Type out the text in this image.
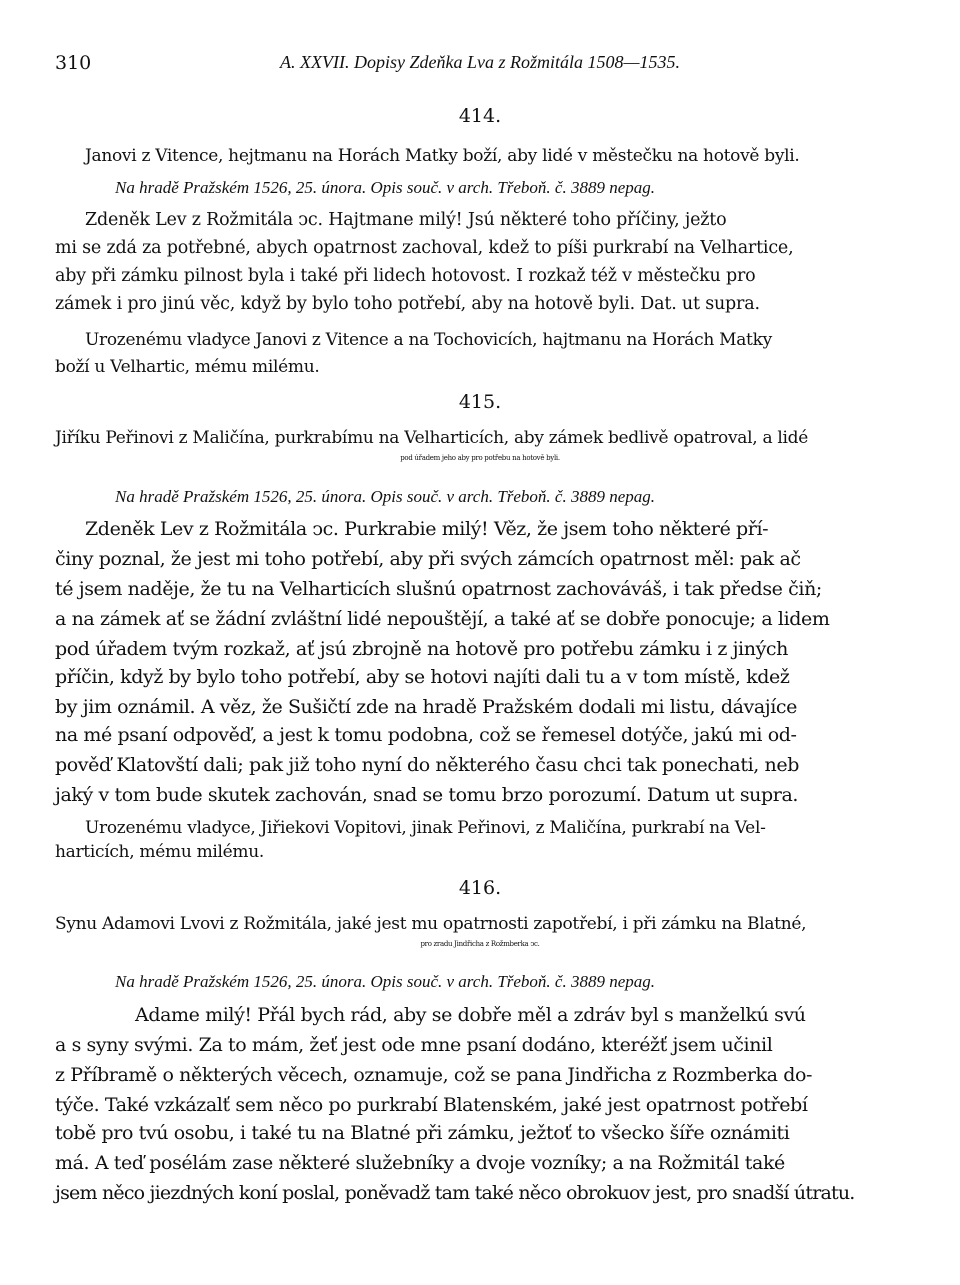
310	A. XXVII. Dopisy Zdeňka Lva z Rožmitála 1508—1535.

414.

Janovi z Vitence, hejtmanu na Horách Matky boží, aby lidé v městečku na hotově byli.

Na hradě Pražském 1526, 25. února. Opis souč. v arch. Třeboň. č. 3889 nepag.

Zdeněk Lev z Rožmitála ↄc. Hajtmane milý! Jsú některé toho příčiny, ježto

mi se zdá za potřebné, abych opatrnost zachoval, kdež to píši purkrabí na Velhartice,

aby při zámku pilnost byla i také při lidech hotovost. I rozkaž též v městečku pro

zámek i pro jinú věc, když by bylo toho potřebí, aby na hotově byli. Dat. ut supra.

Urozenému vladyce Janovi z Vitence a na Tochovicích, hajtmanu na Horách Matky

boží u Velhartic, mému milému.

415.

Jiříku Peřinovi z Maličína, purkrabímu na Velharticích, aby zámek bedlivě opatroval, a lidé

pod úřadem jeho aby pro potřebu na hotově byli.

Na hradě Pražském 1526, 25. února. Opis souč. v arch. Třeboň. č. 3889 nepag.

Zdeněk Lev z Rožmitála ↄc. Purkrabie milý! Věz, že jsem toho některé pří-

činy poznal, že jest mi toho potřebí, aby při svých zámcích opatrnost měl: pak ač

té jsem naděje, že tu na Velharticích slušnú opatrnost zachováváš, i tak předse čiň;

a na zámek ať se žádní zvláštní lidé nepouštějí, a také ať se dobře ponocuje; a lidem

pod úřadem tvým rozkaž, ať jsú zbrojně na hotově pro potřebu zámku i z jiných

příčin, když by bylo toho potřebí, aby se hotovi najíti dali tu a v tom místě, kdež

by jim oznámil. A věz, že Sušičtí zde na hradě Pražském dodali mi listu, dávajíce

na mé psaní odpověď, a jest k tomu podobna, což se řemesel dotýče, jakú mi od-

pověď Klatovští dali; pak již toho nyní do některého času chci tak ponechati, neb

jaký v tom bude skutek zachován, snad se tomu brzo porozumí. Datum ut supra.

Urozenému vladyce, Jiřiekovi Vopitovi, jinak Peřinovi, z Maličína, purkrabí na Vel-

harticích, mému milému.

416.

Synu Adamovi Lvovi z Rožmitála, jaké jest mu opatrnosti zapotřebí, i při zámku na Blatné,

pro zradu Jindřicha z Rožmberka ↄc.

Na hradě Pražském 1526, 25. února. Opis souč. v arch. Třeboň. č. 3889 nepag.

Adame milý! Přál bych rád, aby se dobře měl a zdráv byl s manželkú svú

a s syny svými. Za to mám, žeť jest ode mne psaní dodáno, kteréžť jsem učinil

z Příbramě o některých věcech, oznamuje, což se pana Jindřicha z Rozmberka do-

týče. Také vzkázalť sem něco po purkrabí Blatenském, jaké jest opatrnost potřebí

tobě pro tvú osobu, i také tu na Blatné při zámku, ježtoť to všecko šíře oznámiti

má. A teď posélám zase některé služebníky a dvoje vozníky; a na Rožmitál také

jsem něco jiezdných koní poslal, poněvadž tam také něco obrokuov jest, pro snadší útratu.
